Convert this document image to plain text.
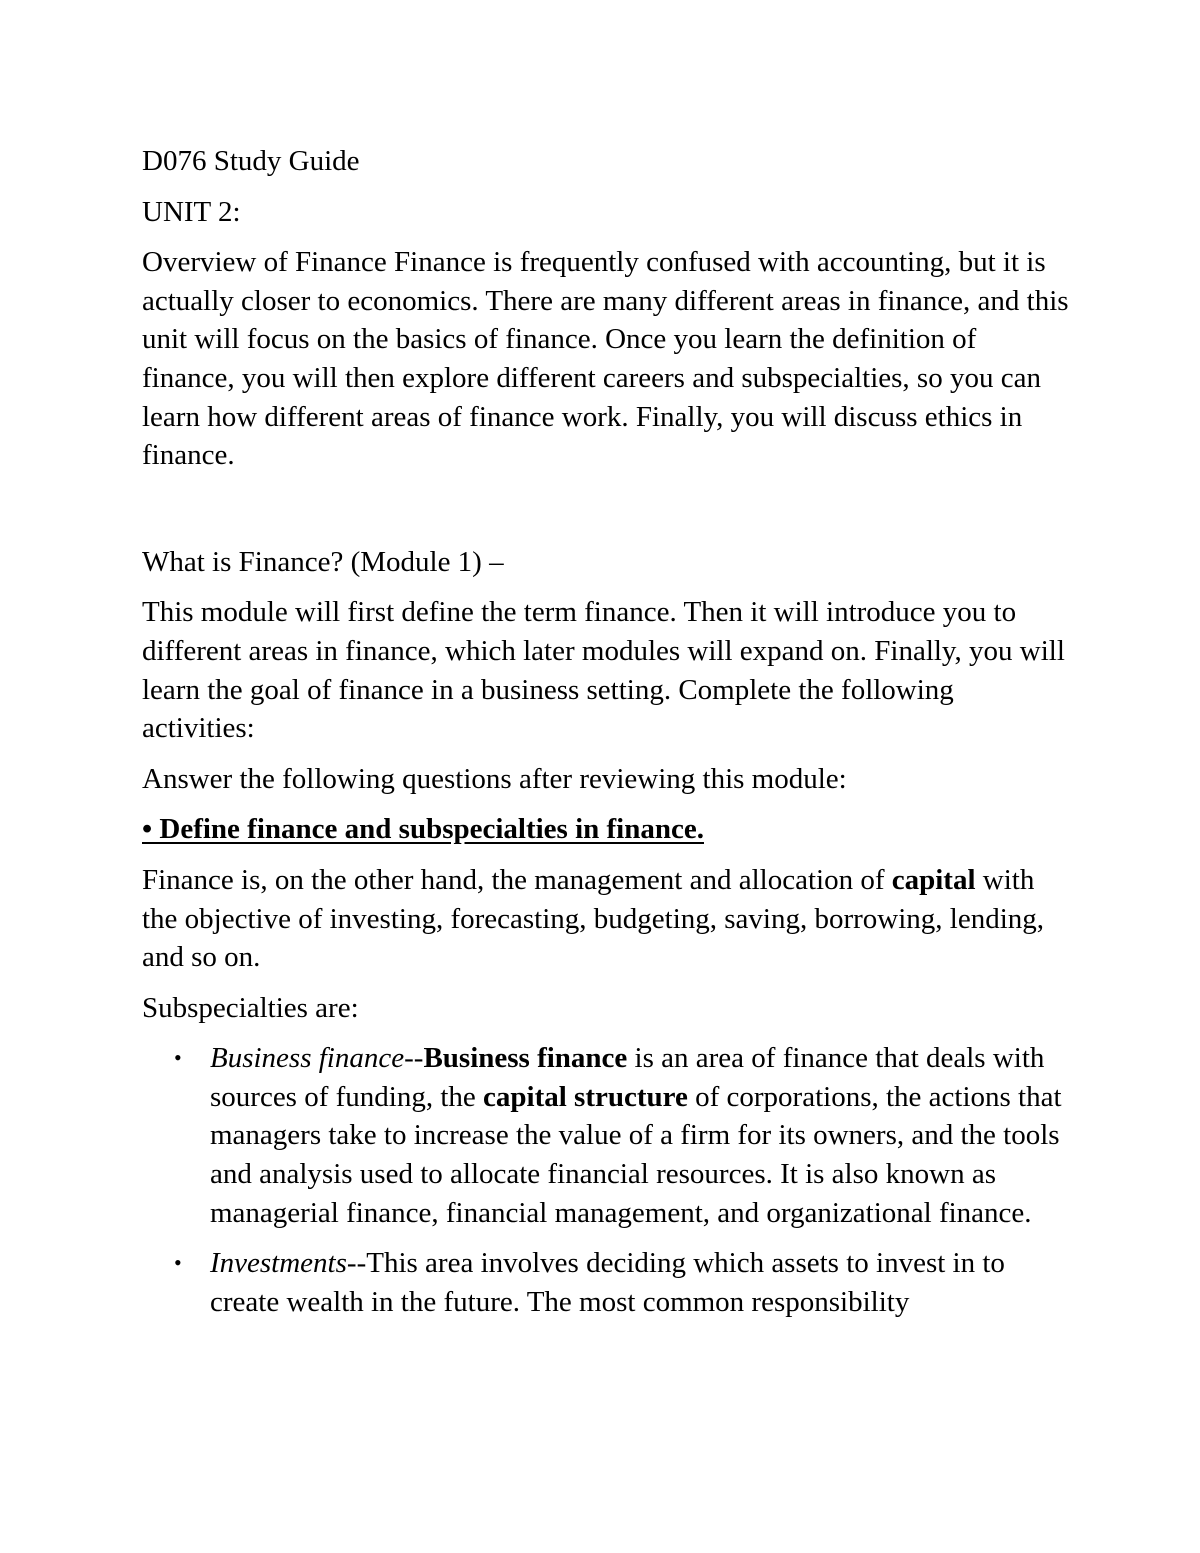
D076 Study Guide

UNIT 2:

Overview of Finance Finance is frequently confused with accounting, but it is actually closer to economics. There are many different areas in finance, and this unit will focus on the basics of finance. Once you learn the definition of finance, you will then explore different careers and subspecialties, so you can learn how different areas of finance work. Finally, you will discuss ethics in finance.

What is Finance? (Module 1) –

This module will first define the term finance. Then it will introduce you to different areas in finance, which later modules will expand on. Finally, you will learn the goal of finance in a business setting. Complete the following activities:

Answer the following questions after reviewing this module:

• Define finance and subspecialties in finance.

Finance is, on the other hand, the management and allocation of capital with the objective of investing, forecasting, budgeting, saving, borrowing, lending, and so on.

Subspecialties are:

• Business finance--Business finance is an area of finance that deals with sources of funding, the capital structure of corporations, the actions that managers take to increase the value of a firm for its owners, and the tools and analysis used to allocate financial resources. It is also known as managerial finance, financial management, and organizational finance.
• Investments--This area involves deciding which assets to invest in to create wealth in the future. The most common responsibility
